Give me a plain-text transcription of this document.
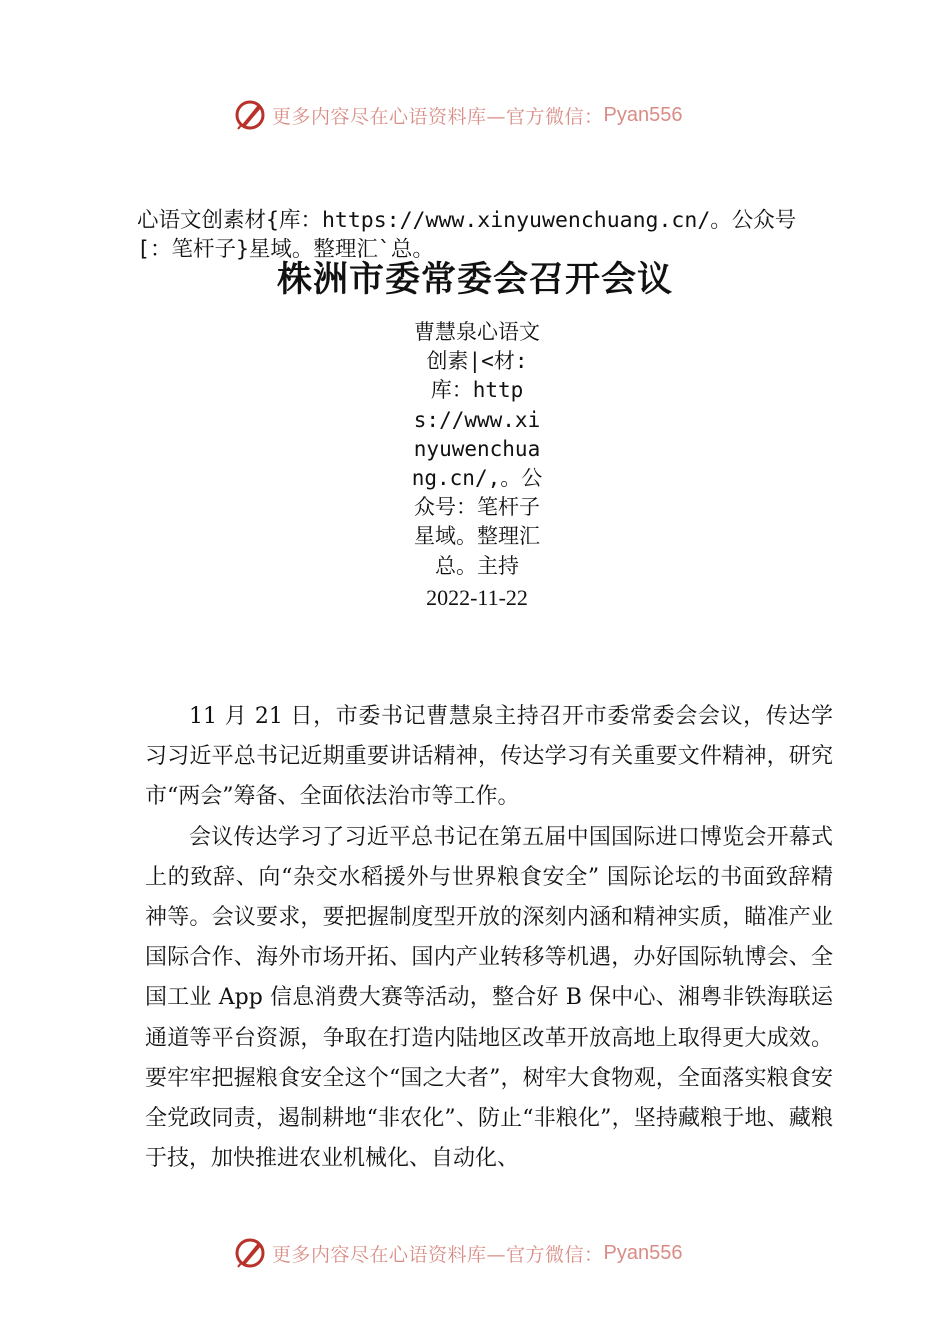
更多内容尽在心语资料库—官方微信： Pyan556
心语文创素材{库：https://www.xinyuwenchuang.cn/。公众号[：笔杆子}星域。整理汇`总。
株洲市委常委会召开会议
曹慧泉心语文创素|<材:库：https://www.xinyuwenchuang.cn/,。公众号：笔杆子星域。整理汇总。主持
2022-11-22

11 月 21 日，市委书记曹慧泉主持召开市委常委会会议，传达学习习近平总书记近期重要讲话精神，传达学习有关重要文件精神，研究市“两会”筹备、全面依法治市等工作。

会议传达学习了习近平总书记在第五届中国国际进口博览会开幕式上的致辞、向“杂交水稻援外与世界粮食安全” 国际论坛的书面致辞精神等。会议要求，要把握制度型开放的深刻内涵和精神实质，瞄准产业国际合作、海外市场开拓、国内产业转移等机遇，办好国际轨博会、全国工业 App 信息消费大赛等活动，整合好 B 保中心、湘粤非铁海联运通道等平台资源，争取在打造内陆地区改革开放高地上取得更大成效。要牢牢把握粮食安全这个“国之大者”，树牢大食物观，全面落实粮食安全党政同责，遏制耕地“非农化”、防止“非粮化”，坚持藏粮于地、藏粮于技，加快推进农业机械化、自动化、

更多内容尽在心语资料库—官方微信： Pyan556
